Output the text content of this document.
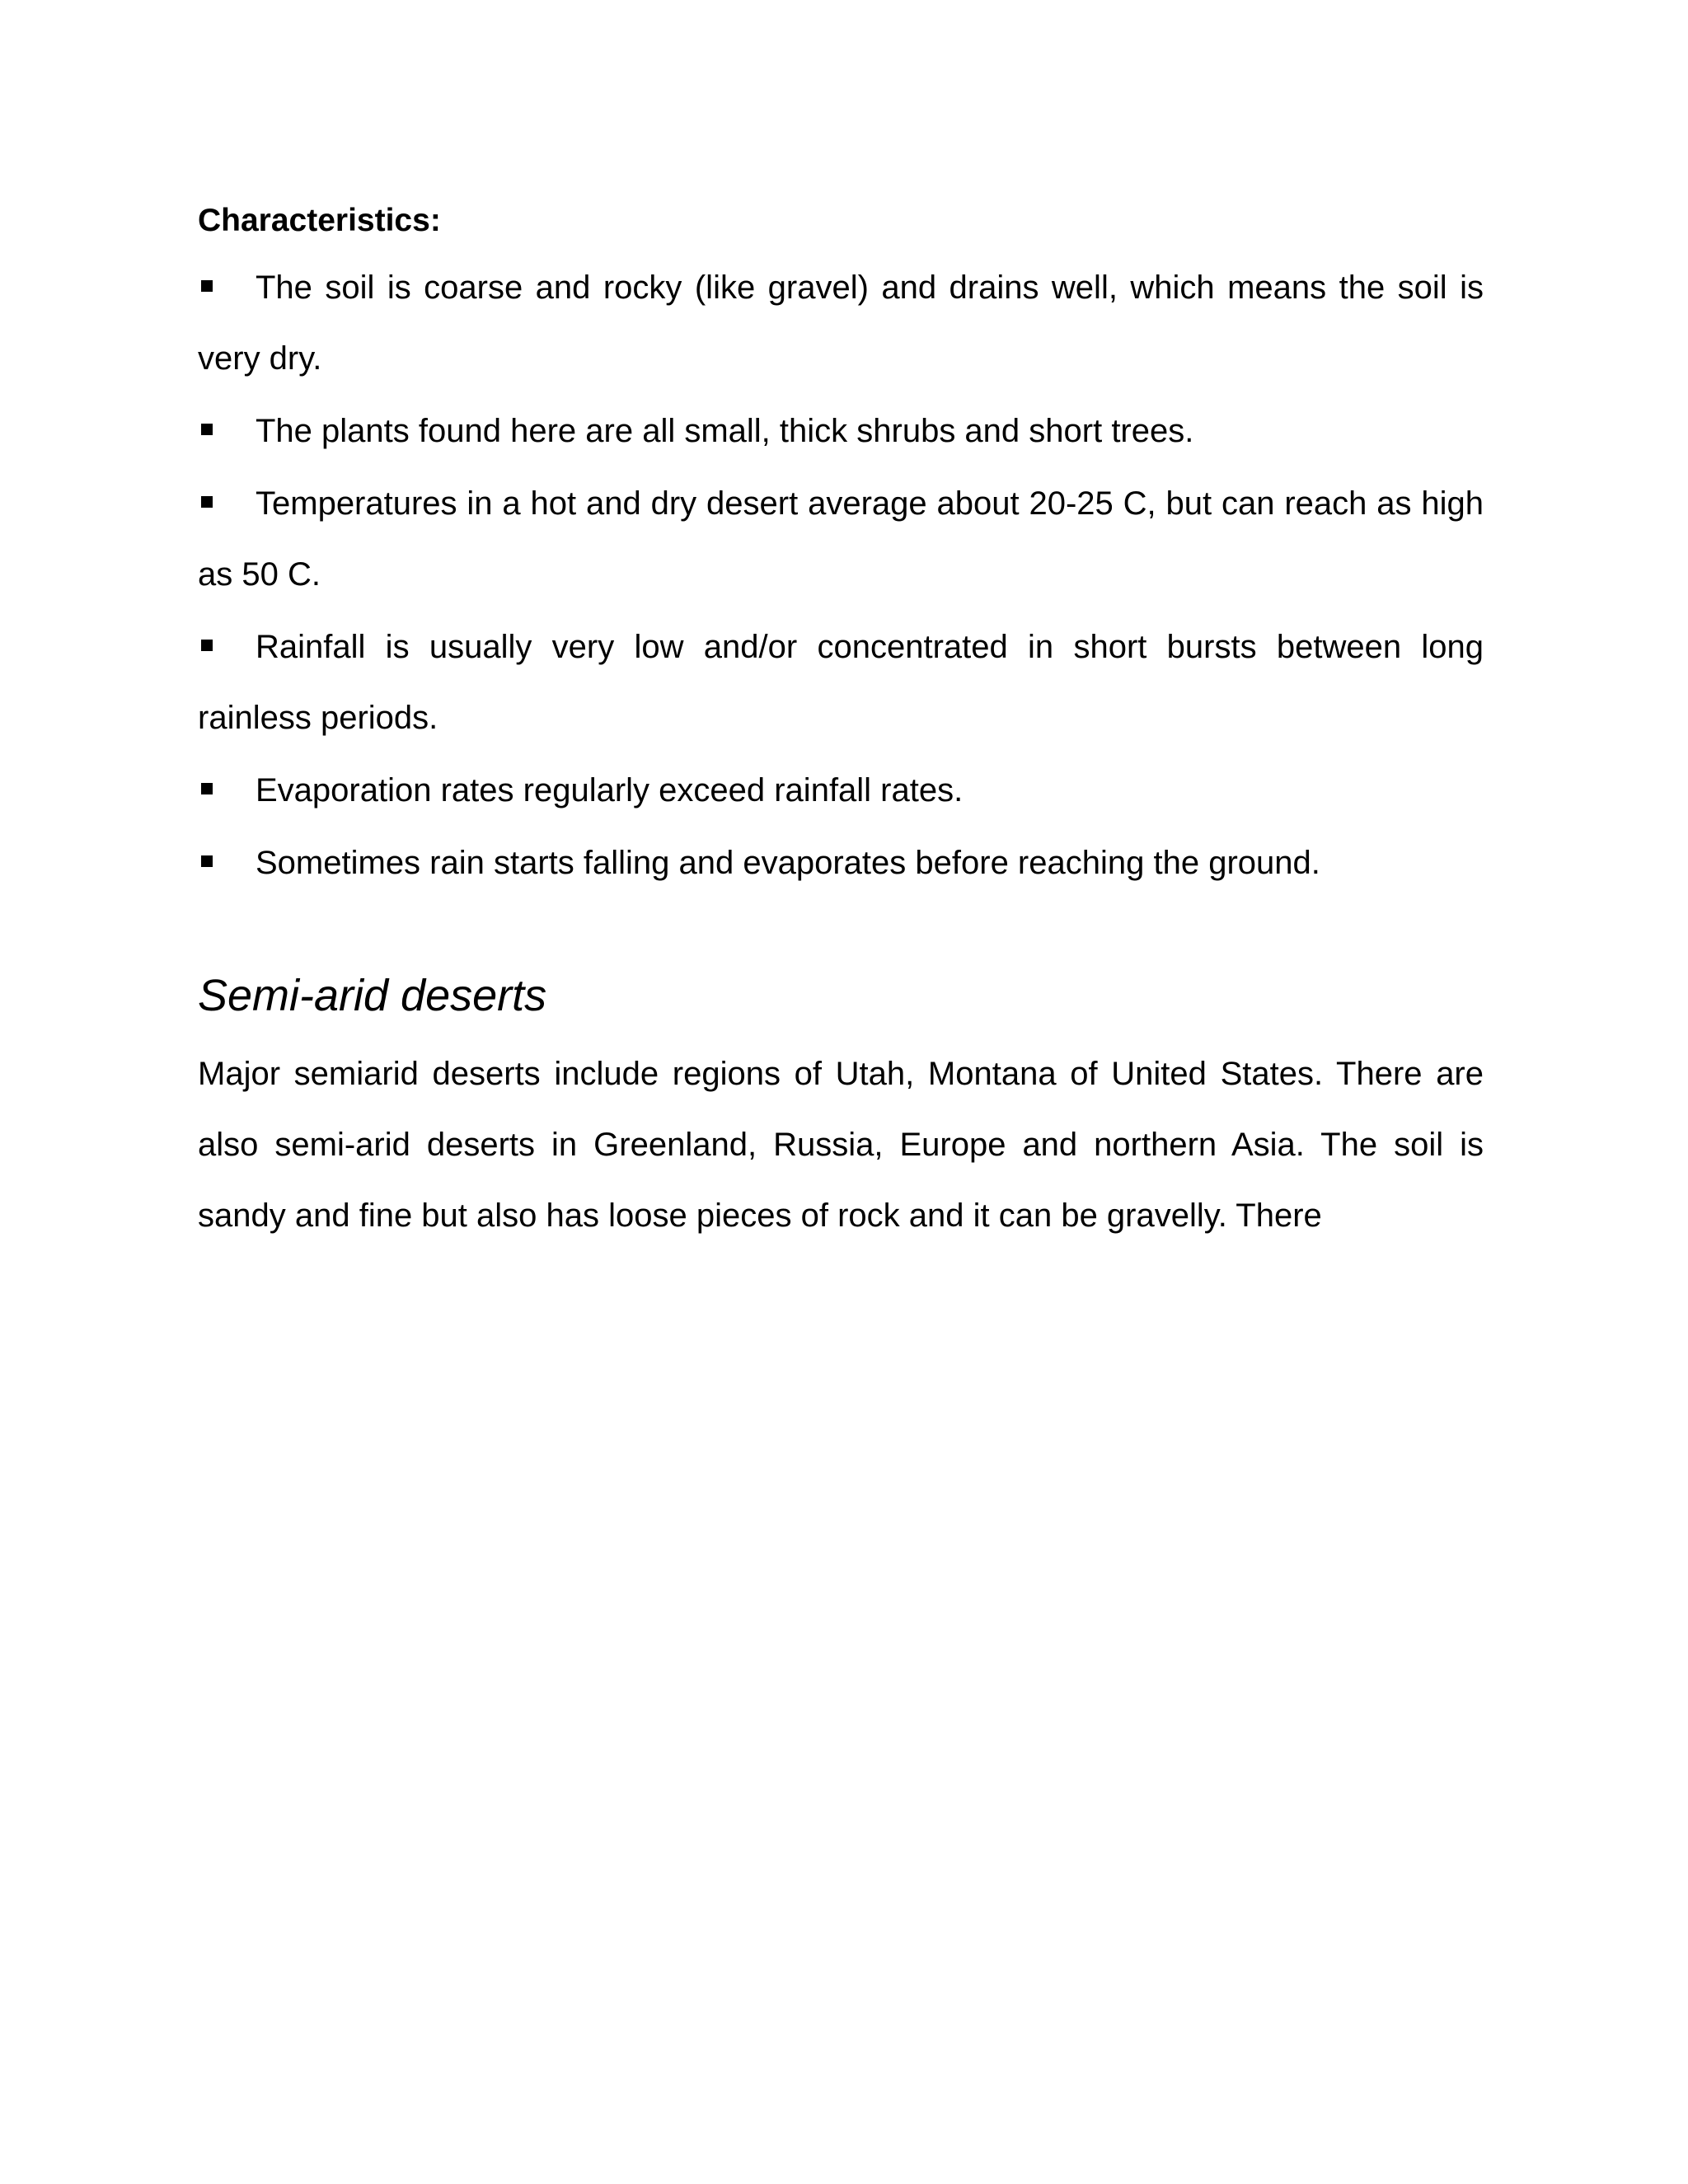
Characteristics:
The soil is coarse and rocky (like gravel) and drains well, which means the soil is very dry.
The plants found here are all small, thick shrubs and short trees.
Temperatures in a hot and dry desert average about 20-25 C, but can reach as high as 50 C.
Rainfall is usually very low and/or concentrated in short bursts between long rainless periods.
Evaporation rates regularly exceed rainfall rates.
Sometimes rain starts falling and evaporates before reaching the ground.
Semi-arid deserts

Major semiarid deserts include regions of Utah, Montana of United States. There are also semi-arid deserts in Greenland, Russia, Europe and northern Asia. The soil is sandy and fine but also has loose pieces of rock and it can be gravelly. There
